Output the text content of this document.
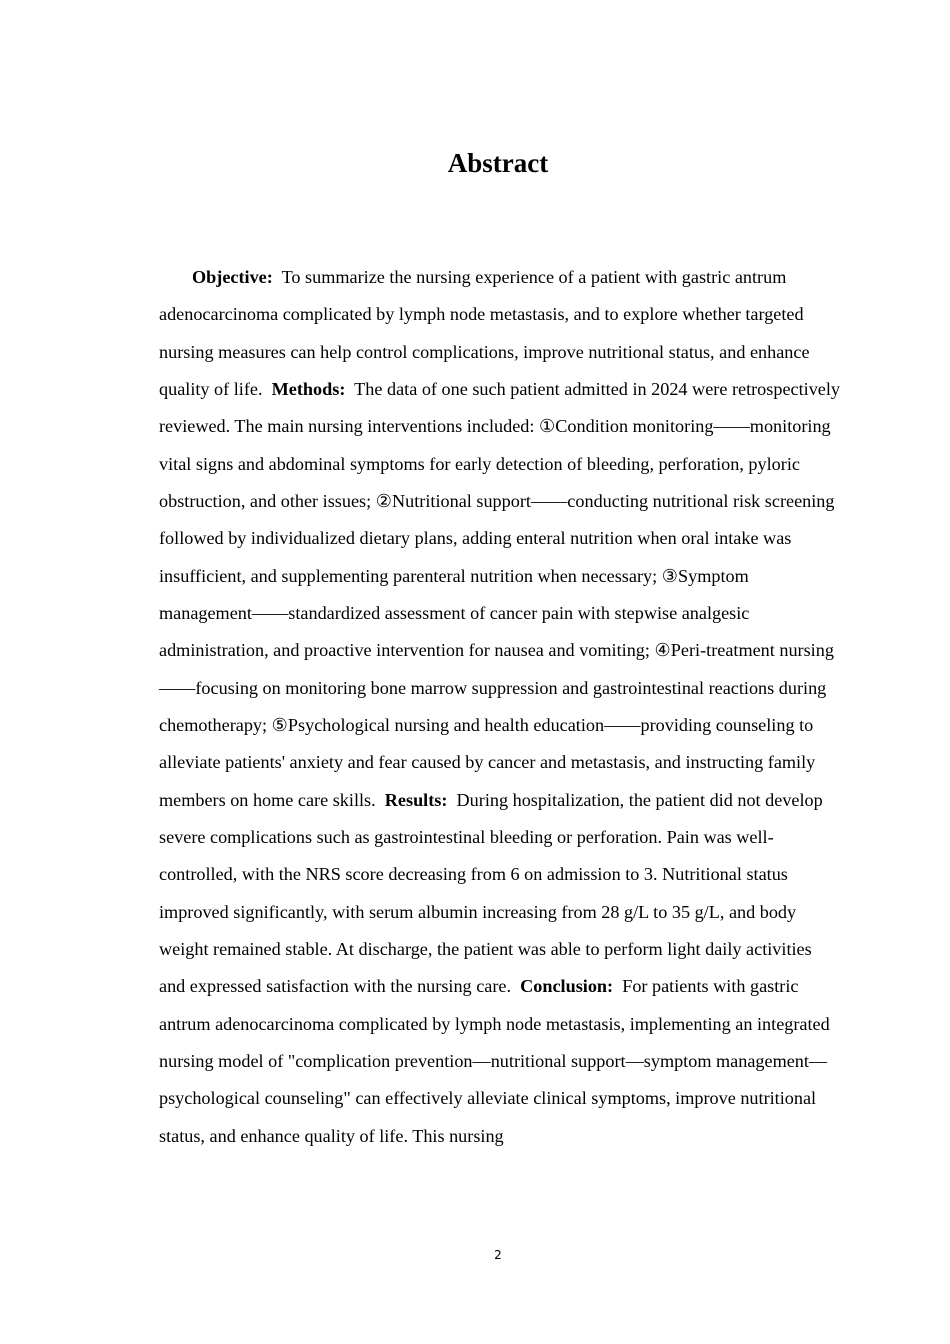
Abstract

Objective: To summarize the nursing experience of a patient with gastric antrum adenocarcinoma complicated by lymph node metastasis, and to explore whether targeted nursing measures can help control complications, improve nutritional status, and enhance quality of life. Methods: The data of one such patient admitted in 2024 were retrospectively reviewed. The main nursing interventions included: ①Condition monitoring——monitoring vital signs and abdominal symptoms for early detection of bleeding, perforation, pyloric obstruction, and other issues; ②Nutritional support——conducting nutritional risk screening followed by individualized dietary plans, adding enteral nutrition when oral intake was insufficient, and supplementing parenteral nutrition when necessary; ③Symptom management——standardized assessment of cancer pain with stepwise analgesic administration, and proactive intervention for nausea and vomiting; ④Peri-treatment nursing——focusing on monitoring bone marrow suppression and gastrointestinal reactions during chemotherapy; ⑤Psychological nursing and health education——providing counseling to alleviate patients' anxiety and fear caused by cancer and metastasis, and instructing family members on home care skills. Results: During hospitalization, the patient did not develop severe complications such as gastrointestinal bleeding or perforation. Pain was well-controlled, with the NRS score decreasing from 6 on admission to 3. Nutritional status improved significantly, with serum albumin increasing from 28 g/L to 35 g/L, and body weight remained stable. At discharge, the patient was able to perform light daily activities and expressed satisfaction with the nursing care. Conclusion: For patients with gastric antrum adenocarcinoma complicated by lymph node metastasis, implementing an integrated nursing model of "complication prevention—nutritional support—symptom management—psychological counseling" can effectively alleviate clinical symptoms, improve nutritional status, and enhance quality of life. This nursing

2
